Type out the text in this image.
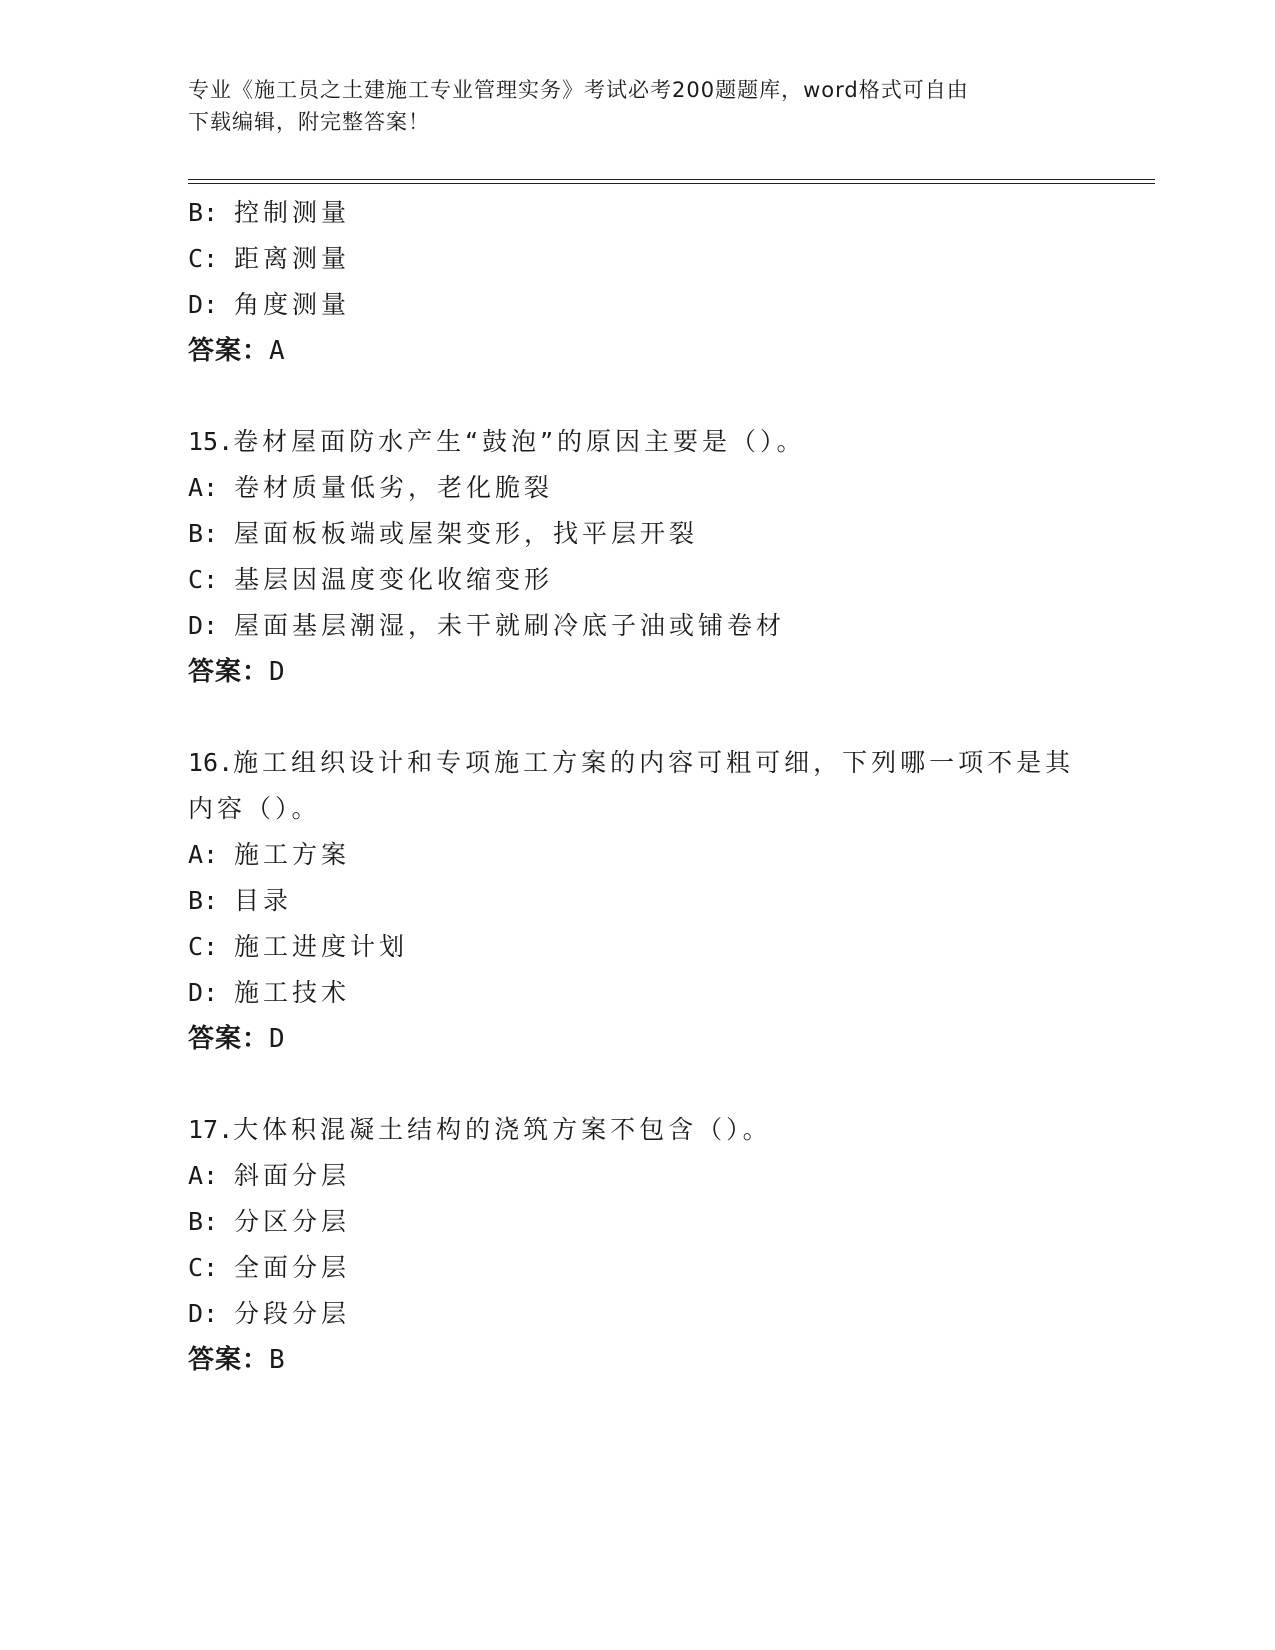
专业《施工员之土建施工专业管理实务》考试必考200题题库，word格式可自由
下载编辑，附完整答案！
B: 控制测量
C: 距离测量
D: 角度测量
答案：A
15.卷材屋面防水产生“鼓泡”的原因主要是（）。
A: 卷材质量低劣，老化脆裂
B: 屋面板板端或屋架变形，找平层开裂
C: 基层因温度变化收缩变形
D: 屋面基层潮湿，未干就刷冷底子油或铺卷材
答案：D
16.施工组织设计和专项施工方案的内容可粗可细，下列哪一项不是其
内容（）。
A: 施工方案
B: 目录
C: 施工进度计划
D: 施工技术
答案：D
17.大体积混凝土结构的浇筑方案不包含（）。
A: 斜面分层
B: 分区分层
C: 全面分层
D: 分段分层
答案：B
